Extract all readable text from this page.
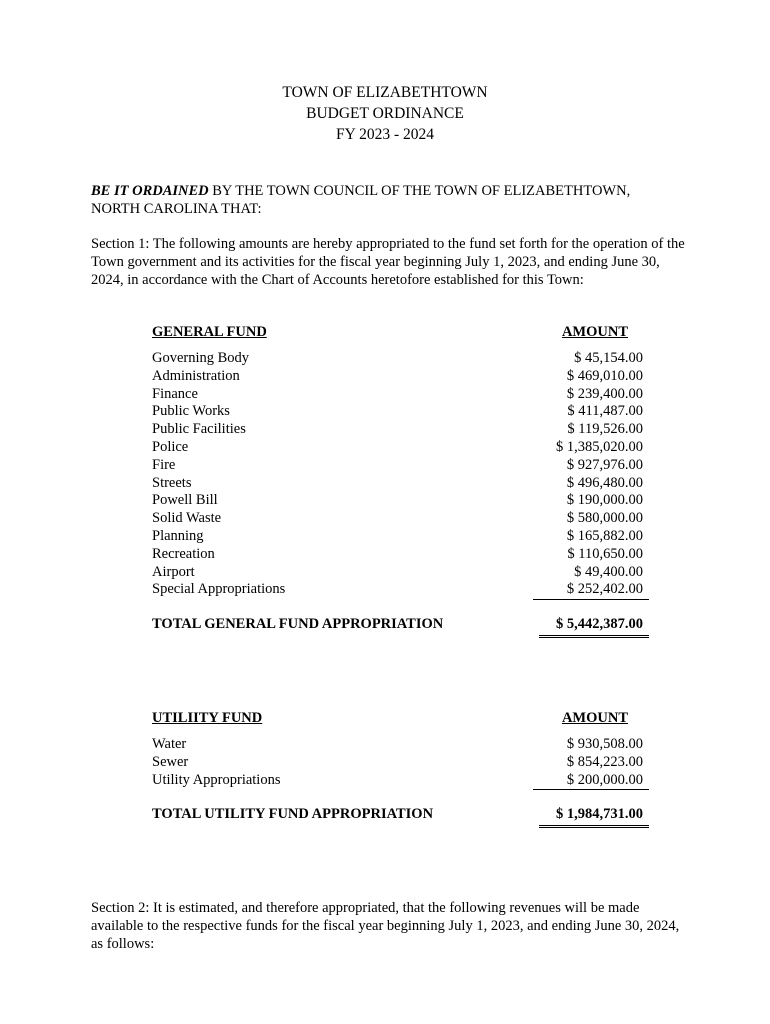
TOWN OF ELIZABETHTOWN
BUDGET ORDINANCE
FY 2023 - 2024
BE IT ORDAINED BY THE TOWN COUNCIL OF THE TOWN OF ELIZABETHTOWN, NORTH CAROLINA THAT:
Section 1: The following amounts are hereby appropriated to the fund set forth for the operation of the Town government and its activities for the fiscal year beginning July 1, 2023, and ending June 30, 2024, in accordance with the Chart of Accounts heretofore established for this Town:
GENERAL FUND	AMOUNT
Governing Body	$ 45,154.00
Administration	$ 469,010.00
Finance	$ 239,400.00
Public Works	$ 411,487.00
Public Facilities	$ 119,526.00
Police	$ 1,385,020.00
Fire	$ 927,976.00
Streets	$ 496,480.00
Powell Bill	$ 190,000.00
Solid Waste	$ 580,000.00
Planning	$ 165,882.00
Recreation	$ 110,650.00
Airport	$ 49,400.00
Special Appropriations	$ 252,402.00
TOTAL GENERAL FUND APPROPRIATION	$ 5,442,387.00
UTILIITY FUND	AMOUNT
Water	$ 930,508.00
Sewer	$ 854,223.00
Utility Appropriations	$ 200,000.00
TOTAL UTILITY FUND APPROPRIATION	$ 1,984,731.00
Section 2: It is estimated, and therefore appropriated, that the following revenues will be made available to the respective funds for the fiscal year beginning July 1, 2023, and ending June 30, 2024, as follows:
